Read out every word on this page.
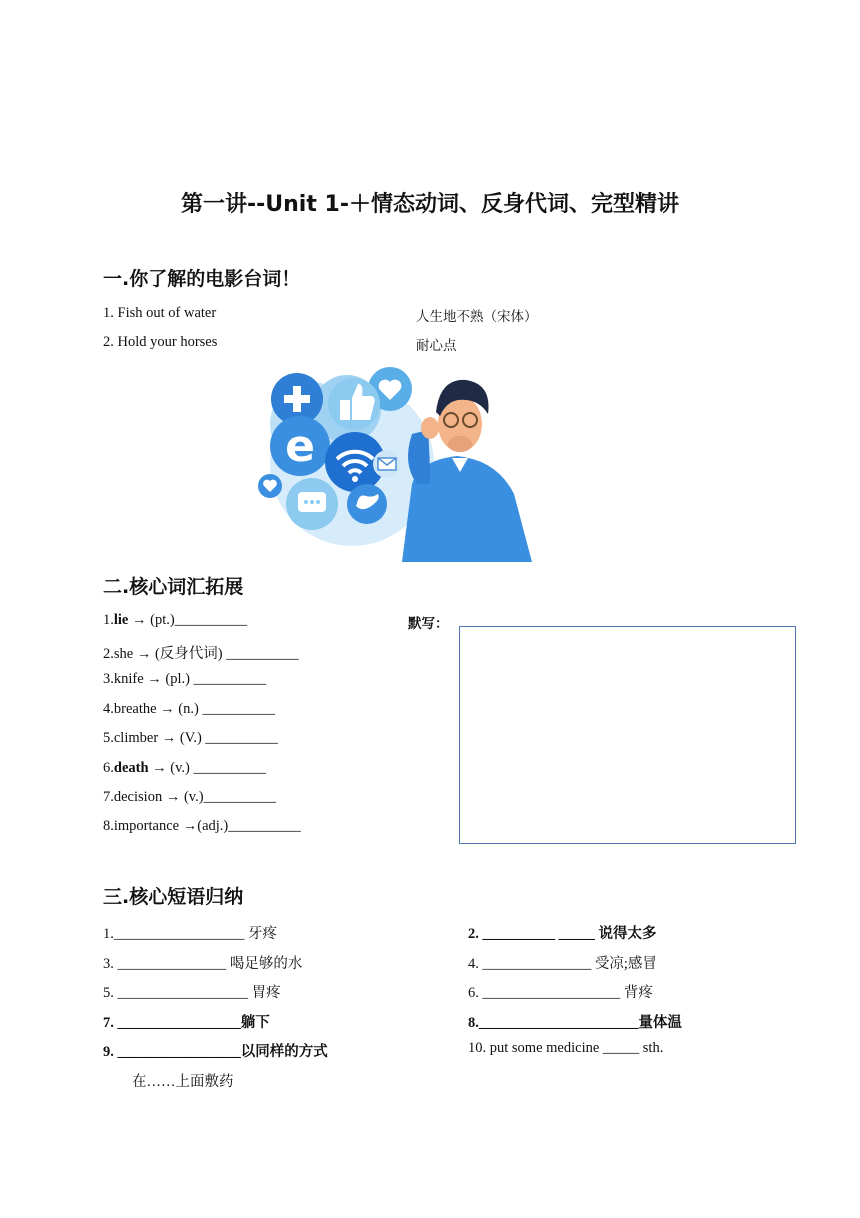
第一讲--Unit 1-＋情态动词、反身代词、完型精讲
一.你了解的电影台词！
1. Fish out of water	人生地不熟（宋体）
2. Hold your horses	耐心点
e
二.核心词汇拓展
默写：
1.lie → (pt.)__________
2.she → (反身代词) __________
3.knife → (pl.) __________
4.breathe → (n.) __________
5.climber → (V.) __________
6.death → (v.) __________
7.decision → (v.)__________
8.importance →(adj.)__________
三.核心短语归纳
1.__________________ 牙疼
3. _______________ 喝足够的水
5. __________________ 胃疼
7. _________________躺下
9. _________________以同样的方式
2. __________ _____ 说得太多
4. _______________ 受凉;感冒
6. ___________________ 背疼
8.______________________量体温
10. put some medicine _____ sth.
在……上面敷药
